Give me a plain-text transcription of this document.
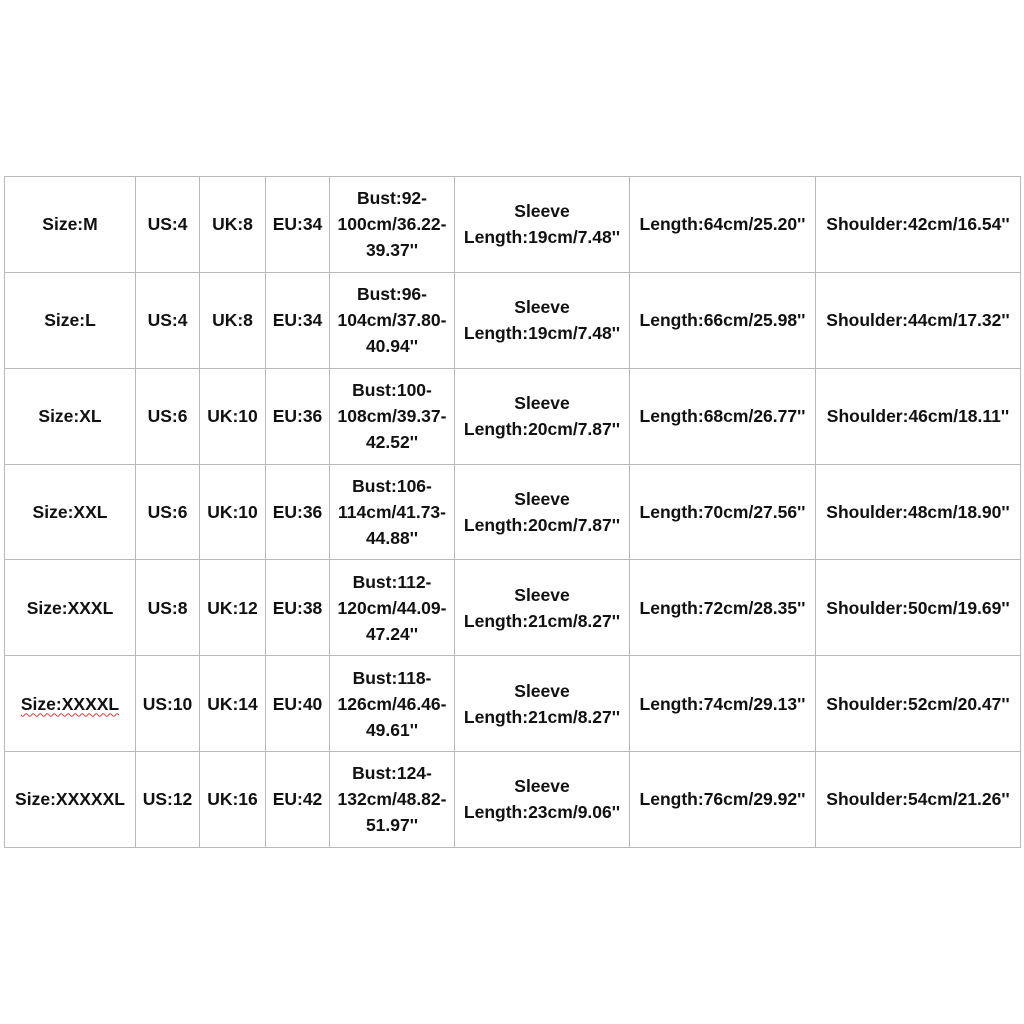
Size:M	US:4	UK:8	EU:34	Bust:92-
100cm/36.22-
39.37''	Sleeve
Length:19cm/7.48''	Length:64cm/25.20''	Shoulder:42cm/16.54''
Size:L	US:4	UK:8	EU:34	Bust:96-
104cm/37.80-
40.94''	Sleeve
Length:19cm/7.48''	Length:66cm/25.98''	Shoulder:44cm/17.32''
Size:XL	US:6	UK:10	EU:36	Bust:100-
108cm/39.37-
42.52''	Sleeve
Length:20cm/7.87''	Length:68cm/26.77''	Shoulder:46cm/18.11''
Size:XXL	US:6	UK:10	EU:36	Bust:106-
114cm/41.73-
44.88''	Sleeve
Length:20cm/7.87''	Length:70cm/27.56''	Shoulder:48cm/18.90''
Size:XXXL	US:8	UK:12	EU:38	Bust:112-
120cm/44.09-
47.24''	Sleeve
Length:21cm/8.27''	Length:72cm/28.35''	Shoulder:50cm/19.69''
Size:XXXXL	US:10	UK:14	EU:40	Bust:118-
126cm/46.46-
49.61''	Sleeve
Length:21cm/8.27''	Length:74cm/29.13''	Shoulder:52cm/20.47''
Size:XXXXXL	US:12	UK:16	EU:42	Bust:124-
132cm/48.82-
51.97''	Sleeve
Length:23cm/9.06''	Length:76cm/29.92''	Shoulder:54cm/21.26''
